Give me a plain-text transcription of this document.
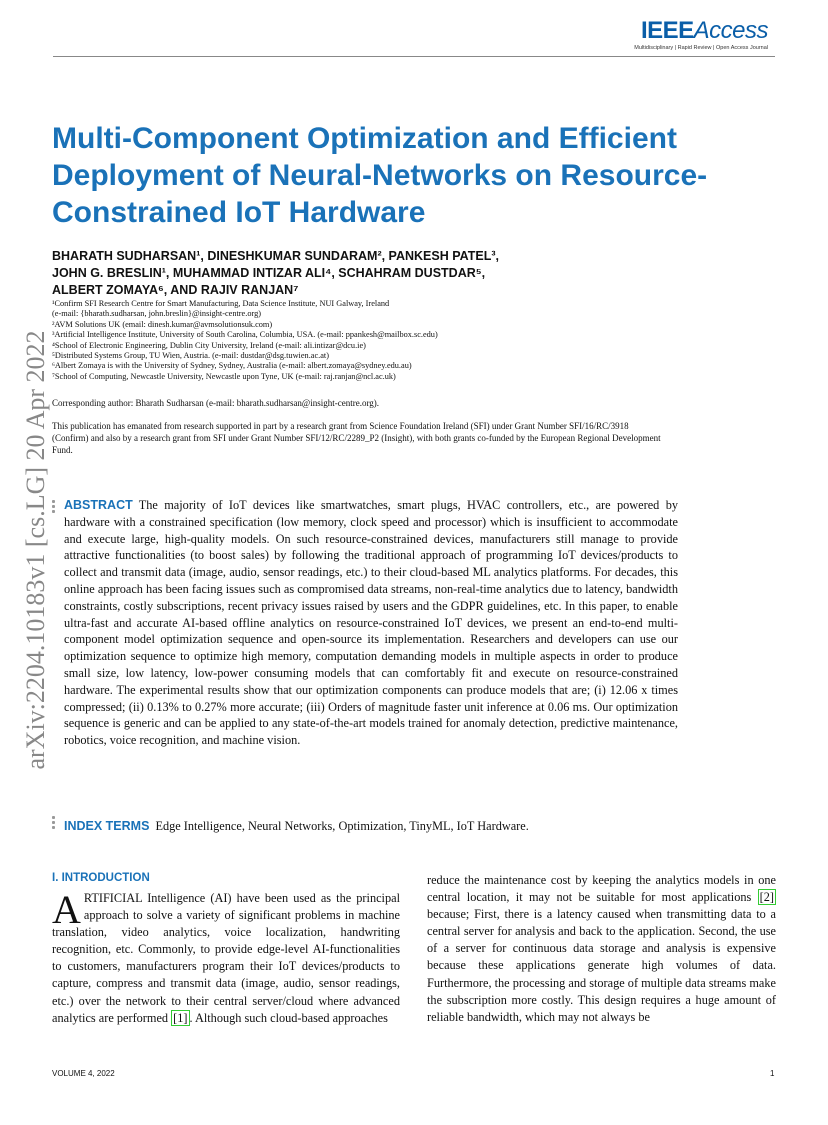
IEEEAccess
Multidisciplinary | Rapid Review | Open Access Journal
arXiv:2204.10183v1 [cs.LG] 20 Apr 2022
Multi-Component Optimization and Efficient Deployment of Neural-Networks on Resource-Constrained IoT Hardware
BHARATH SUDHARSAN¹, DINESHKUMAR SUNDARAM², PANKESH PATEL³,
JOHN G. BRESLIN¹, MUHAMMAD INTIZAR ALI⁴, SCHAHRAM DUSTDAR⁵,
ALBERT ZOMAYA⁶, AND RAJIV RANJAN⁷
¹Confirm SFI Research Centre for Smart Manufacturing, Data Science Institute, NUI Galway, Ireland
(e-mail: {bharath.sudharsan, john.breslin}@insight-centre.org)
²AVM Solutions UK (email: dinesh.kumar@avmsolutionsuk.com)
³Artificial Intelligence Institute, University of South Carolina, Columbia, USA. (e-mail: ppankesh@mailbox.sc.edu)
⁴School of Electronic Engineering, Dublin City University, Ireland (e-mail: ali.intizar@dcu.ie)
⁵Distributed Systems Group, TU Wien, Austria. (e-mail: dustdar@dsg.tuwien.ac.at)
⁶Albert Zomaya is with the University of Sydney, Sydney, Australia (e-mail: albert.zomaya@sydney.edu.au)
⁷School of Computing, Newcastle University, Newcastle upon Tyne, UK (e-mail: raj.ranjan@ncl.ac.uk)
Corresponding author: Bharath Sudharsan (e-mail: bharath.sudharsan@insight-centre.org).
This publication has emanated from research supported in part by a research grant from Science Foundation Ireland (SFI) under Grant Number SFI/16/RC/3918 (Confirm) and also by a research grant from SFI under Grant Number SFI/12/RC/2289_P2 (Insight), with both grants co-funded by the European Regional Development Fund.
ABSTRACT The majority of IoT devices like smartwatches, smart plugs, HVAC controllers, etc., are powered by hardware with a constrained specification (low memory, clock speed and processor) which is insufficient to accommodate and execute large, high-quality models. On such resource-constrained devices, manufacturers still manage to provide attractive functionalities (to boost sales) by following the traditional approach of programming IoT devices/products to collect and transmit data (image, audio, sensor readings, etc.) to their cloud-based ML analytics platforms. For decades, this online approach has been facing issues such as compromised data streams, non-real-time analytics due to latency, bandwidth constraints, costly subscriptions, recent privacy issues raised by users and the GDPR guidelines, etc. In this paper, to enable ultra-fast and accurate AI-based offline analytics on resource-constrained IoT devices, we present an end-to-end multi-component model optimization sequence and open-source its implementation. Researchers and developers can use our optimization sequence to optimize high memory, computation demanding models in multiple aspects in order to produce small size, low latency, low-power consuming models that can comfortably fit and execute on resource-constrained hardware. The experimental results show that our optimization components can produce models that are; (i) 12.06 x times compressed; (ii) 0.13% to 0.27% more accurate; (iii) Orders of magnitude faster unit inference at 0.06 ms. Our optimization sequence is generic and can be applied to any state-of-the-art models trained for anomaly detection, predictive maintenance, robotics, voice recognition, and machine vision.
INDEX TERMS Edge Intelligence, Neural Networks, Optimization, TinyML, IoT Hardware.
I. INTRODUCTION
ARTIFICIAL Intelligence (AI) have been used as the principal approach to solve a variety of significant problems in machine translation, video analytics, voice localization, handwriting recognition, etc. Commonly, to provide edge-level AI-functionalities to customers, manufacturers program their IoT devices/products to capture, compress and transmit data (image, audio, sensor readings, etc.) over the network to their central server/cloud where advanced analytics are performed [1] . Although such cloud-based approaches
reduce the maintenance cost by keeping the analytics models in one central location, it may not be suitable for most applications [2] because; First, there is a latency caused when transmitting data to a central server for analysis and back to the application. Second, the use of a server for continuous data storage and analysis is expensive because these applications generate high volumes of data. Furthermore, the processing and storage of multiple data streams make the subscription more costly. This design requires a huge amount of reliable bandwidth, which may not always be
VOLUME 4, 2022	1
